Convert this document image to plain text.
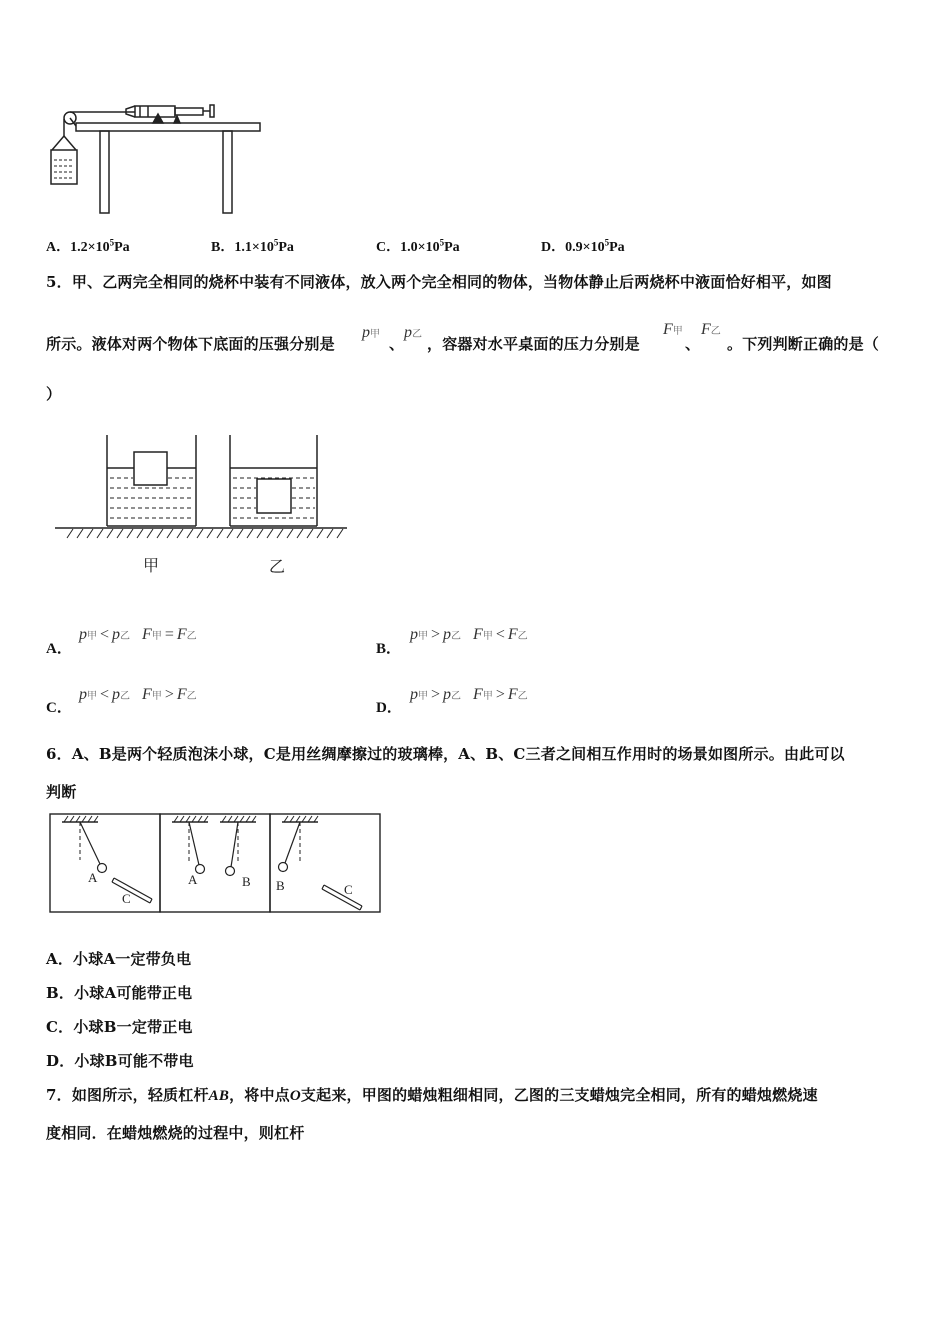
A．$1.2\times 10^5Pa$	B．$1.1\times 10^5Pa$	C．$1.0\times 10^5Pa$	D．$0.9\times 10^5Pa$
5．甲、乙两完全相同的烧杯中装有不同液体，放入两个完全相同的物体，当物体静止后两烧杯中液面恰好相平，如图
所示。液体对两个物体下底面的压强分别是
p甲
、
p乙
，容器对水平桌面的压力分别是
F甲
、
F乙
。下列判断正确的是（
）
甲	乙
A．
p甲 < p乙 F甲 = F乙
B．
p甲 > p乙 F甲 < F乙
C．
p甲 < p乙 F甲 > F乙
D．
p甲 > p乙 F甲 > F乙
6．A、B是两个轻质泡沫小球，C是用丝绸摩擦过的玻璃棒，A、B、C三者之间相互作用时的场景如图所示。由此可以
判断
A
C
A	B B	C
A．小球A一定带负电
B．小球A可能带正电
C．小球B一定带正电
D．小球B可能不带电
7．如图所示，轻质杠杆AB，将中点O支起来，甲图的蜡烛粗细相同，乙图的三支蜡烛完全相同，所有的蜡烛燃烧速
度相同．在蜡烛燃烧的过程中，则杠杆
